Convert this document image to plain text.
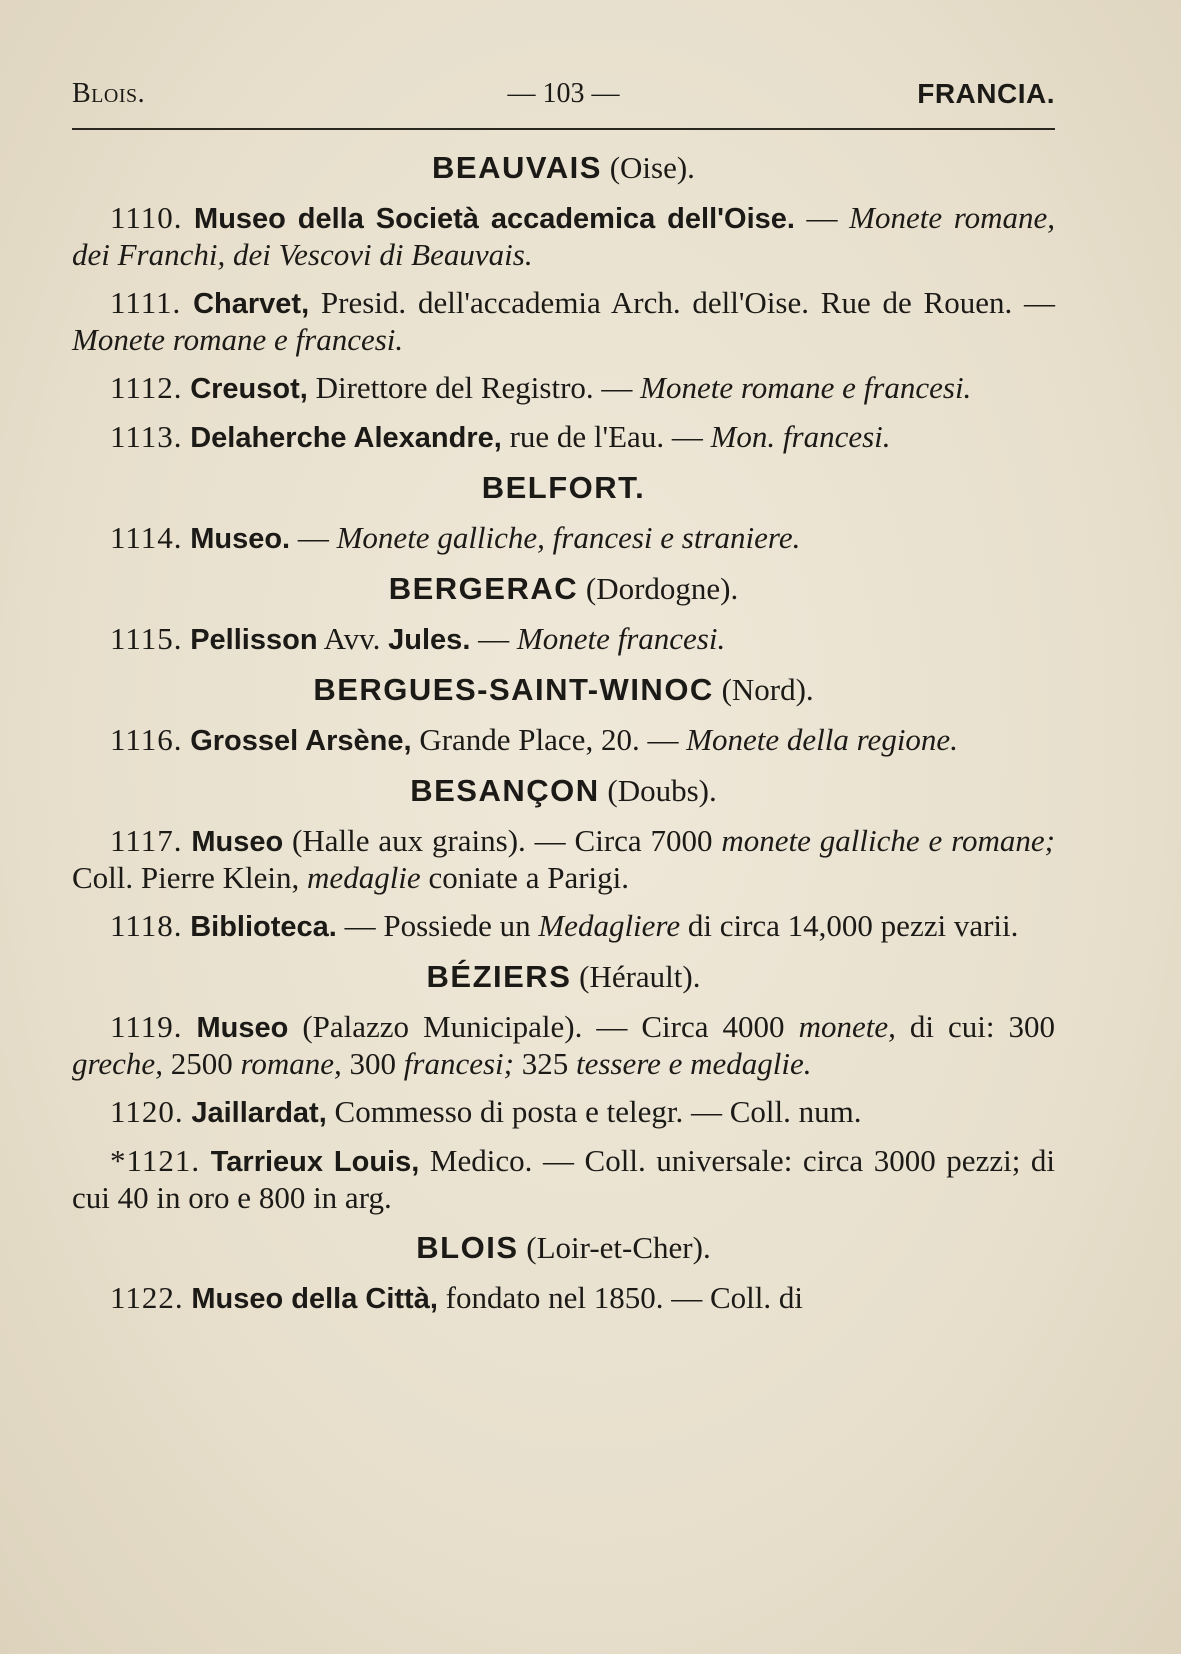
Blois.	— 103 —	FRANCIA.

BEAUVAIS (Oise).

1110. Museo della Società accademica dell'Oise. — Monete romane, dei Franchi, dei Vescovi di Beauvais.

1111. Charvet, Presid. dell'accademia Arch. dell'Oise. Rue de Rouen. — Monete romane e francesi.

1112. Creusot, Direttore del Registro. — Monete romane e francesi.

1113. Delaherche Alexandre, rue de l'Eau. — Mon. francesi.

BELFORT.

1114. Museo. — Monete galliche, francesi e straniere.

BERGERAC (Dordogne).

1115. Pellisson Avv. Jules. — Monete francesi.

BERGUES-SAINT-WINOC (Nord).

1116. Grossel Arsène, Grande Place, 20. — Monete della regione.

BESANÇON (Doubs).

1117. Museo (Halle aux grains). — Circa 7000 monete galliche e romane; Coll. Pierre Klein, medaglie coniate a Parigi.

1118. Biblioteca. — Possiede un Medagliere di circa 14,000 pezzi varii.

BÉZIERS (Hérault).

1119. Museo (Palazzo Municipale). — Circa 4000 monete, di cui: 300 greche, 2500 romane, 300 francesi; 325 tessere e medaglie.

1120. Jaillardat, Commesso di posta e telegr. — Coll. num.

*1121. Tarrieux Louis, Medico. — Coll. universale: circa 3000 pezzi; di cui 40 in oro e 800 in arg.

BLOIS (Loir-et-Cher).

1122. Museo della Città, fondato nel 1850. — Coll. di
